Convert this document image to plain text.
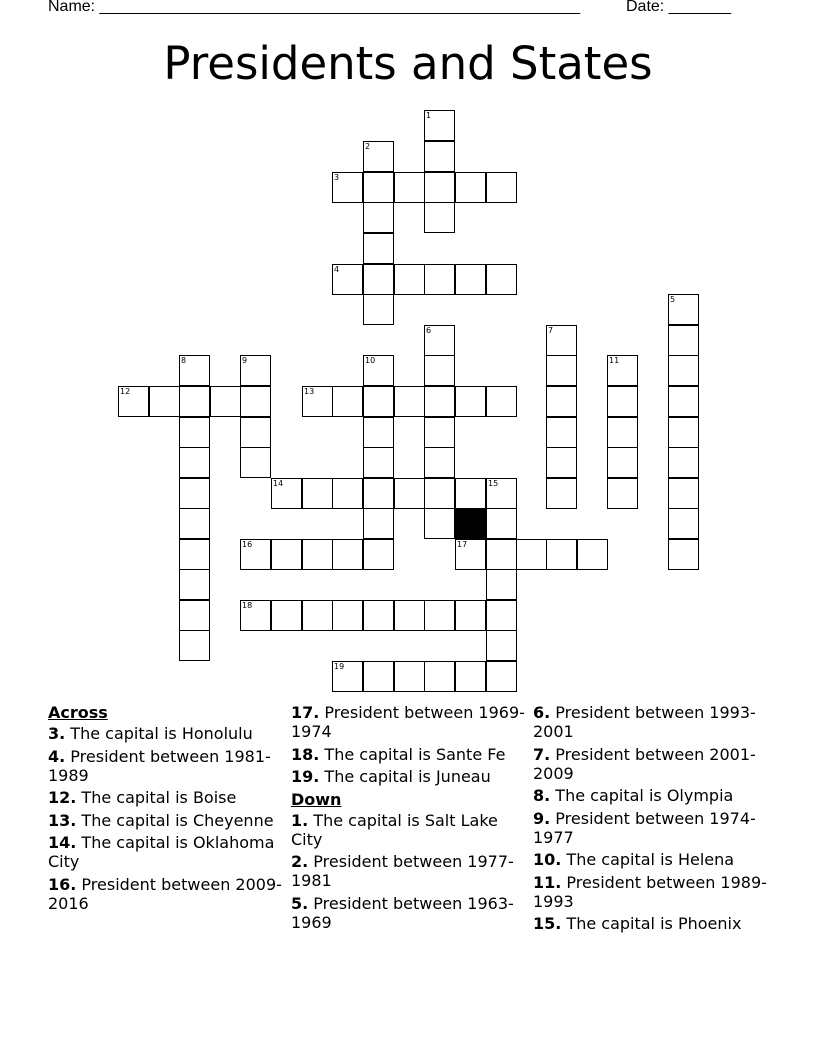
Name: ______________________________________________________	Date: _______
Presidents and States
1
2
3
4
5
6	7
8	9	10	11
12	13
14	15
16	17
18
19
Across
3. The capital is Honolulu
4. President between 1981-1989
12. The capital is Boise
13. The capital is Cheyenne
14. The capital is Oklahoma City
16. President between 2009-2016
17. President between 1969-1974
18. The capital is Sante Fe
19. The capital is Juneau
Down
1. The capital is Salt Lake City
2. President between 1977-1981
5. President between 1963-1969
6. President between 1993-2001
7. President between 2001-2009
8. The capital is Olympia
9. President between 1974-1977
10. The capital is Helena
11. President between 1989-1993
15. The capital is Phoenix
